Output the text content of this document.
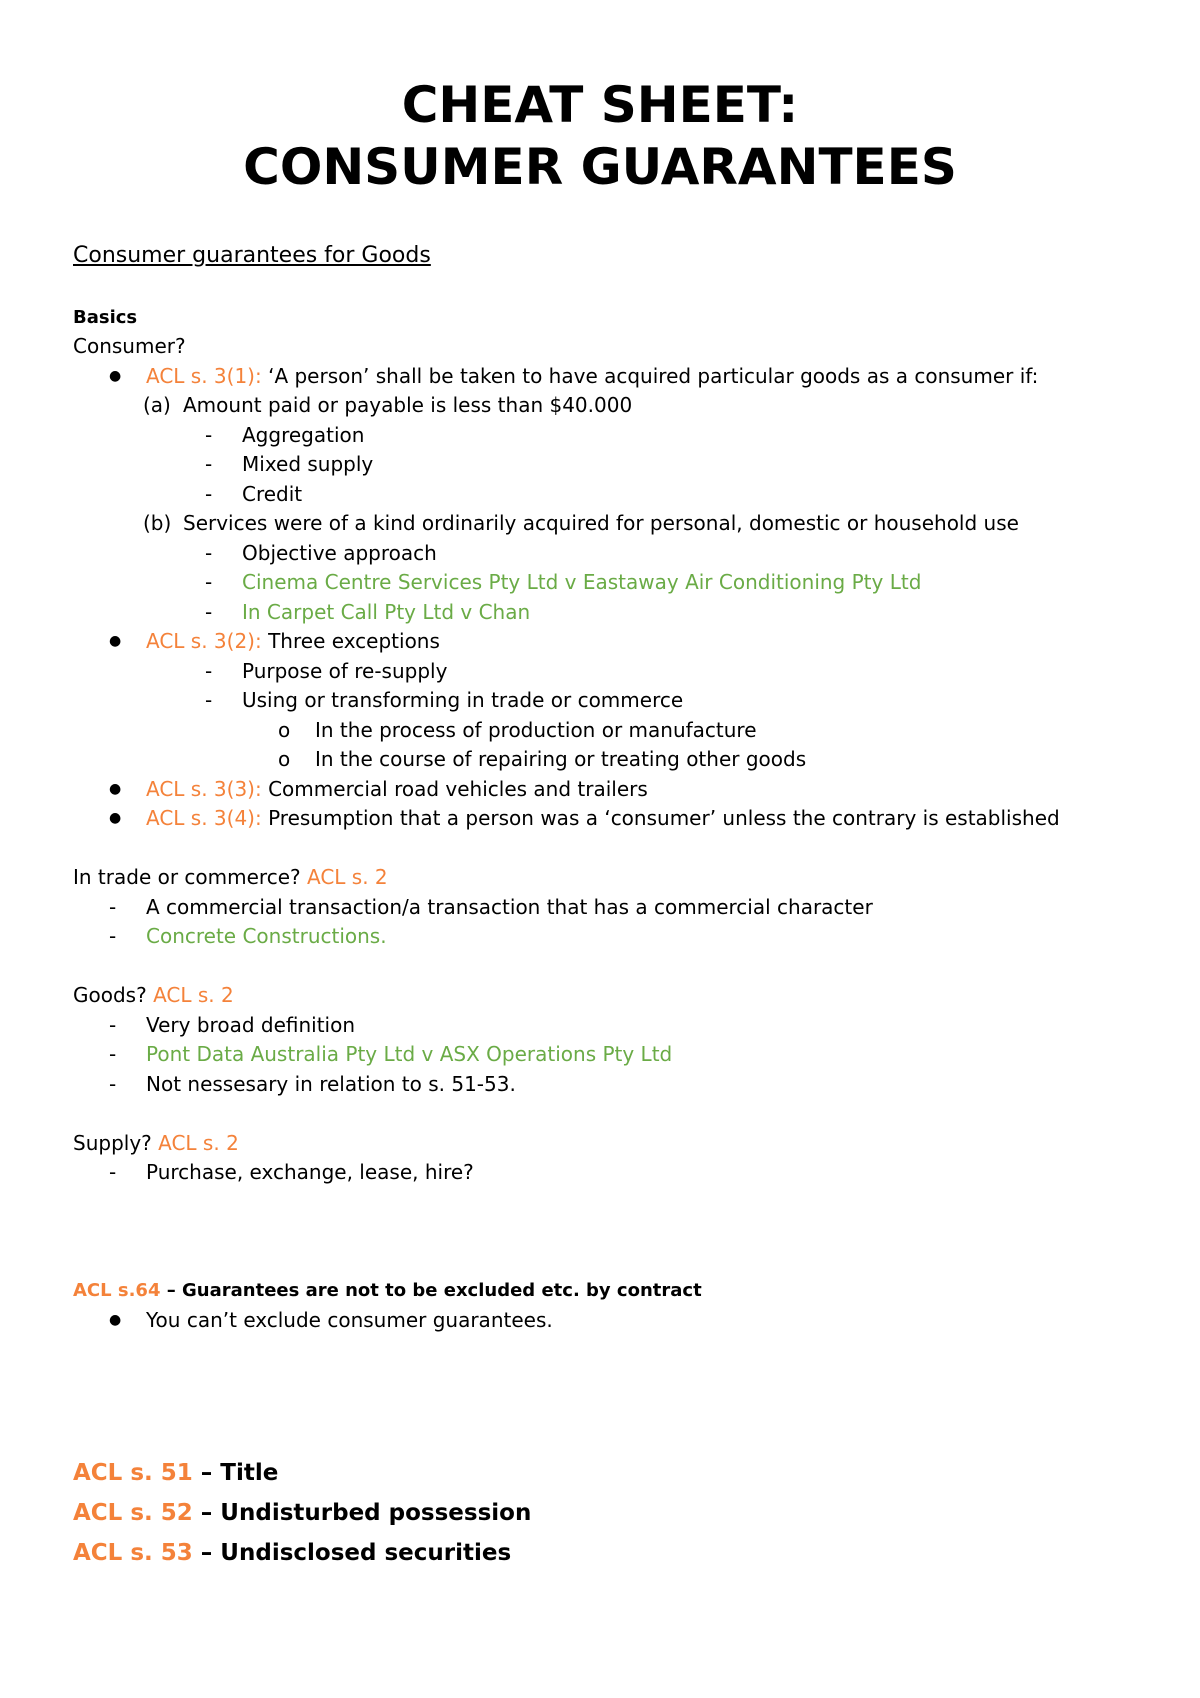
CHEAT SHEET:
CONSUMER GUARANTEES
Consumer guarantees for Goods
Basics
Consumer?
● ACL s. 3(1): ‘A person’ shall be taken to have acquired particular goods as a consumer if:
(a) Amount paid or payable is less than $40.000
- Aggregation
- Mixed supply
- Credit
(b) Services were of a kind ordinarily acquired for personal, domestic or household use
- Objective approach
- Cinema Centre Services Pty Ltd v Eastaway Air Conditioning Pty Ltd
- In Carpet Call Pty Ltd v Chan
● ACL s. 3(2): Three exceptions
- Purpose of re-supply
- Using or transforming in trade or commerce
o In the process of production or manufacture
o In the course of repairing or treating other goods
● ACL s. 3(3): Commercial road vehicles and trailers
● ACL s. 3(4): Presumption that a person was a ‘consumer’ unless the contrary is established
In trade or commerce? ACL s. 2
- A commercial transaction/a transaction that has a commercial character
- Concrete Constructions.
Goods? ACL s. 2
- Very broad definition
- Pont Data Australia Pty Ltd v ASX Operations Pty Ltd
- Not nessesary in relation to s. 51-53.
Supply? ACL s. 2
- Purchase, exchange, lease, hire?
ACL s.64 – Guarantees are not to be excluded etc. by contract
● You can’t exclude consumer guarantees.
ACL s. 51 – Title
ACL s. 52 – Undisturbed possession
ACL s. 53 – Undisclosed securities
